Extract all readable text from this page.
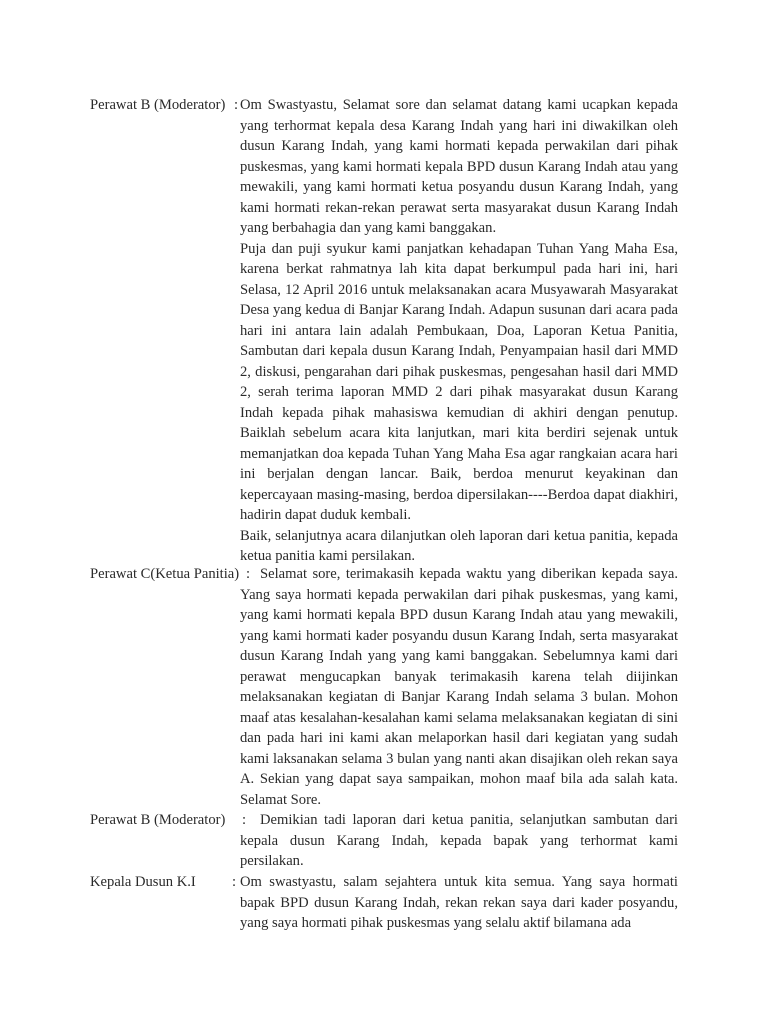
Perawat B (Moderator) : Om Swastyastu, Selamat sore dan selamat datang kami ucapkan kepada yang terhormat kepala desa Karang Indah yang hari ini diwakilkan oleh dusun Karang Indah, yang kami hormati kepada perwakilan dari pihak puskesmas, yang kami hormati kepala BPD dusun Karang Indah atau yang mewakili, yang kami hormati ketua posyandu dusun Karang Indah, yang kami hormati rekan-rekan perawat serta masyarakat dusun Karang Indah yang berbahagia dan yang kami banggakan.

Puja dan puji syukur kami panjatkan kehadapan Tuhan Yang Maha Esa, karena berkat rahmatnya lah kita dapat berkumpul pada hari ini, hari Selasa, 12 April 2016 untuk melaksanakan acara Musyawarah Masyarakat Desa yang kedua di Banjar Karang Indah. Adapun susunan dari acara pada hari ini antara lain adalah Pembukaan, Doa, Laporan Ketua Panitia, Sambutan dari kepala dusun Karang Indah, Penyampaian hasil dari MMD 2, diskusi, pengarahan dari pihak puskesmas, pengesahan hasil dari MMD 2, serah terima laporan MMD 2 dari pihak masyarakat dusun Karang Indah kepada pihak mahasiswa kemudian di akhiri dengan penutup. Baiklah sebelum acara kita lanjutkan, mari kita berdiri sejenak untuk memanjatkan doa kepada Tuhan Yang Maha Esa agar rangkaian acara hari ini berjalan dengan lancar. Baik, berdoa menurut keyakinan dan kepercayaan masing-masing, berdoa dipersilakan----Berdoa dapat diakhiri, hadirin dapat duduk kembali.

Baik, selanjutnya acara dilanjutkan oleh laporan dari ketua panitia, kepada ketua panitia kami persilakan.

Perawat C(Ketua Panitia) : Selamat sore, terimakasih kepada waktu yang diberikan kepada saya. Yang saya hormati kepada perwakilan dari pihak puskesmas, yang kami, yang kami hormati kepala BPD dusun Karang Indah atau yang mewakili, yang kami hormati kader posyandu dusun Karang Indah, serta masyarakat dusun Karang Indah yang yang kami banggakan. Sebelumnya kami dari perawat mengucapkan banyak terimakasih karena telah diijinkan melaksanakan kegiatan di Banjar Karang Indah selama 3 bulan. Mohon maaf atas kesalahan-kesalahan kami selama melaksanakan kegiatan di sini dan pada hari ini kami akan melaporkan hasil dari kegiatan yang sudah kami laksanakan selama 3 bulan yang nanti akan disajikan oleh rekan saya A. Sekian yang dapat saya sampaikan, mohon maaf bila ada salah kata. Selamat Sore.

Perawat B (Moderator) : Demikian tadi laporan dari ketua panitia, selanjutkan sambutan dari kepala dusun Karang Indah, kepada bapak yang terhormat kami persilakan.

Kepala Dusun K.I : Om swastyastu, salam sejahtera untuk kita semua. Yang saya hormati bapak BPD dusun Karang Indah, rekan rekan saya dari kader posyandu, yang saya hormati pihak puskesmas yang selalu aktif bilamana ada
